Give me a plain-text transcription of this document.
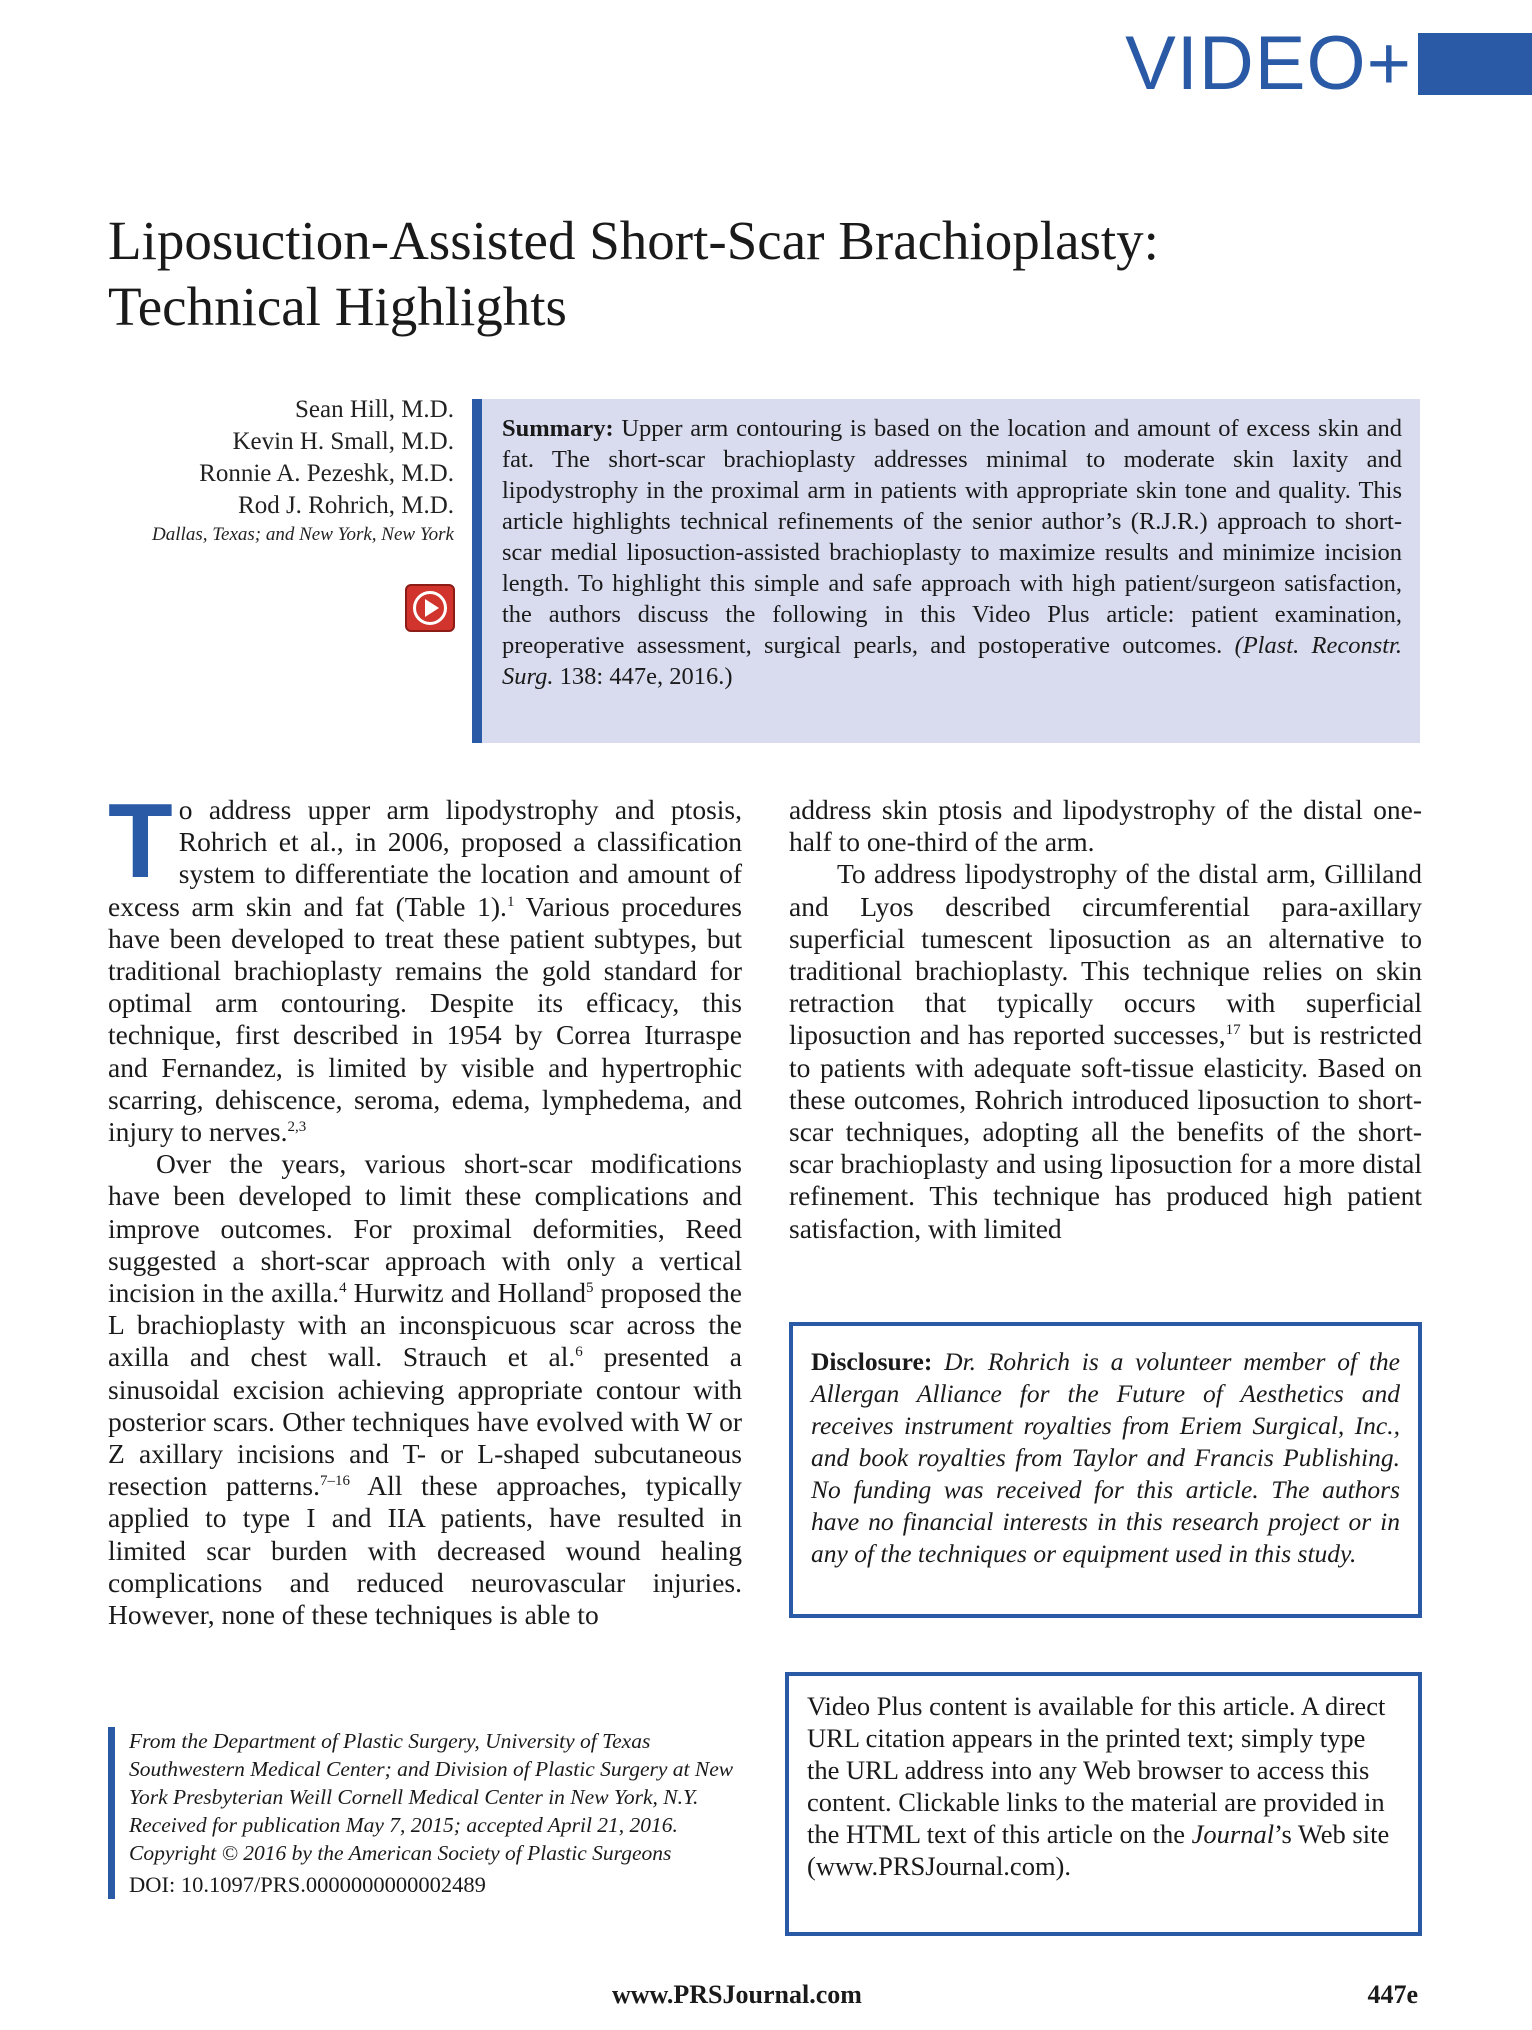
VIDEO+
Liposuction-Assisted Short-Scar Brachioplasty:
Technical Highlights
Sean Hill, M.D.
Kevin H. Small, M.D.
Ronnie A. Pezeshk, M.D.
Rod J. Rohrich, M.D.
Dallas, Texas; and New York, New York
Summary: Upper arm contouring is based on the location and amount of excess skin and fat. The short-scar brachioplasty addresses minimal to moderate skin laxity and lipodystrophy in the proximal arm in patients with appropriate skin tone and quality. This article highlights technical refinements of the senior author’s (R.J.R.) approach to short-scar medial liposuction-assisted brachioplasty to maximize results and minimize incision length. To highlight this simple and safe approach with high patient/surgeon satisfaction, the authors discuss the following in this Video Plus article: patient examination, preoperative assessment, surgical pearls, and postoperative outcomes. (Plast. Reconstr. Surg. 138: 447e, 2016.)

To address upper arm lipodystrophy and ptosis, Rohrich et al., in 2006, proposed a classification system to differentiate the location and amount of excess arm skin and fat (Table 1).$^1$ Various procedures have been developed to treat these patient subtypes, but traditional brachioplasty remains the gold standard for optimal arm contouring. Despite its efficacy, this technique, first described in 1954 by Correa Iturraspe and Fernandez, is limited by visible and hypertrophic scarring, dehiscence, seroma, edema, lymphedema, and injury to nerves.$^{2,3}$

Over the years, various short-scar modifications have been developed to limit these complications and improve outcomes. For proximal deformities, Reed suggested a short-scar approach with only a vertical incision in the axilla.$^4$ Hurwitz and Holland$^5$ proposed the L brachioplasty with an inconspicuous scar across the axilla and chest wall. Strauch et al.$^6$ presented a sinusoidal excision achieving appropriate contour with posterior scars. Other techniques have evolved with W or Z axillary incisions and T- or L-shaped subcutaneous resection patterns.$^{7-16}$ All these approaches, typically applied to type I and IIA patients, have resulted in limited scar burden with decreased wound healing complications and reduced neurovascular injuries. However, none of these techniques is able to

address skin ptosis and lipodystrophy of the distal one-half to one-third of the arm.

To address lipodystrophy of the distal arm, Gilliland and Lyos described circumferential para-axillary superficial tumescent liposuction as an alternative to traditional brachioplasty. This technique relies on skin retraction that typically occurs with superficial liposuction and has reported successes,$^{17}$ but is restricted to patients with adequate soft-tissue elasticity. Based on these outcomes, Rohrich introduced liposuction to short-scar techniques, adopting all the benefits of the short-scar brachioplasty and using liposuction for a more distal refinement. This technique has produced high patient satisfaction, with limited

Disclosure: Dr. Rohrich is a volunteer member of the Allergan Alliance for the Future of Aesthetics and receives instrument royalties from Eriem Surgical, Inc., and book royalties from Taylor and Francis Publishing. No funding was received for this article. The authors have no financial interests in this research project or in any of the techniques or equipment used in this study.
Video Plus content is available for this article. A direct URL citation appears in the printed text; simply type the URL address into any Web browser to access this content. Clickable links to the material are provided in the HTML text of this article on the Journal’s Web site (www.PRSJournal.com).
From the Department of Plastic Surgery, University of Texas Southwestern Medical Center; and Division of Plastic Surgery at New York Presbyterian Weill Cornell Medical Center in New York, N.Y.
Received for publication May 7, 2015; accepted April 21, 2016.
Copyright © 2016 by the American Society of Plastic Surgeons
DOI: 10.1097/PRS.0000000000002489
www.PRSJournal.com	447e
